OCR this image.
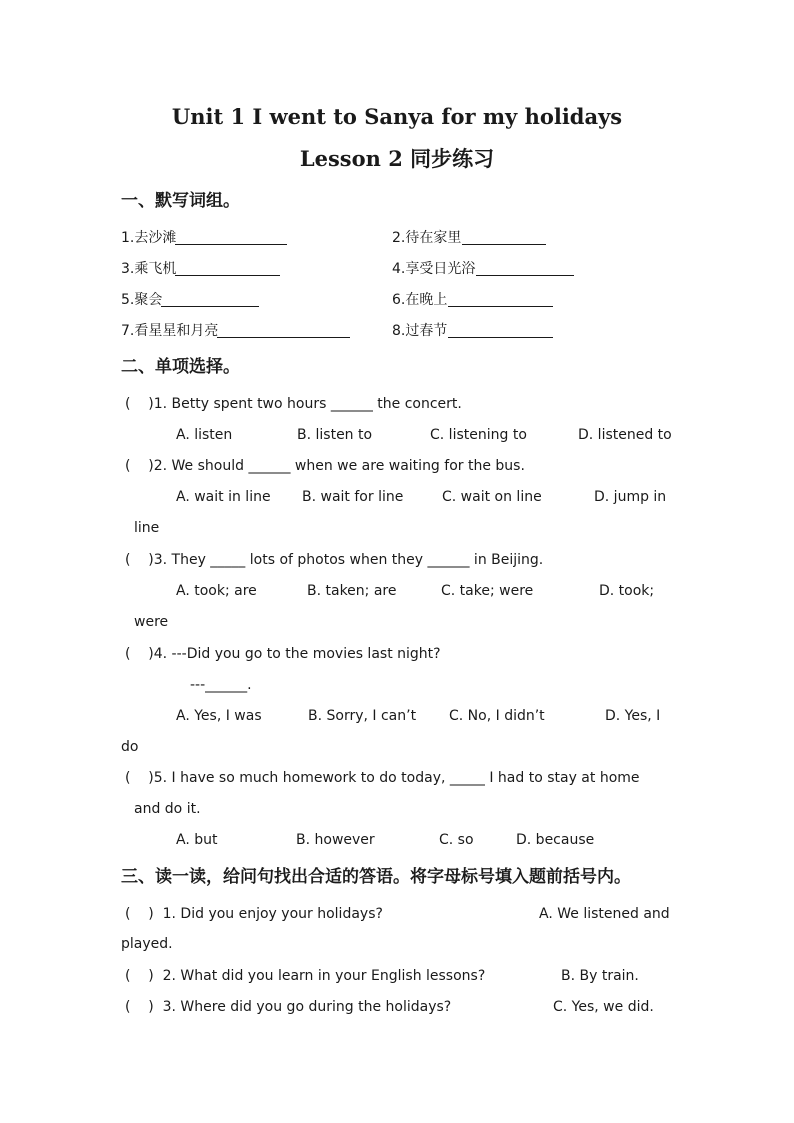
Unit 1 I went to Sanya for my holidays
Lesson 2 同步练习
一、默写词组。
1.去沙滩	2.待在家里
3.乘飞机	4.享受日光浴
5.聚会	6.在晚上
7.看星星和月亮	8.过春节
二、单项选择。
(    )1. Betty spent two hours ______ the concert.
A. listen	B. listen to	C. listening to	D. listened to
(    )2. We should ______ when we are waiting for the bus.
A. wait in line B. wait for line	C. wait on line	D. jump in
line
(    )3. They _____ lots of photos when they ______ in Beijing.
A. took; are	B. taken; are	C. take; were	D. took;
were
(    )4. ---Did you go to the movies last night?
---______.
A. Yes, I was	B. Sorry, I can’t C. No, I didn’t	D. Yes, I
do
(    )5. I have so much homework to do today, _____ I had to stay at home
and do it.
A. but	B. however	C. so	D. because
三、读一读，给问句找出合适的答语。将字母标号填入题前括号内。
(    )  1. Did you enjoy your holidays?	A. We listened and
played.
(    )  2. What did you learn in your English lessons?	B. By train.
(    )  3. Where did you go during the holidays?	C. Yes, we did.
